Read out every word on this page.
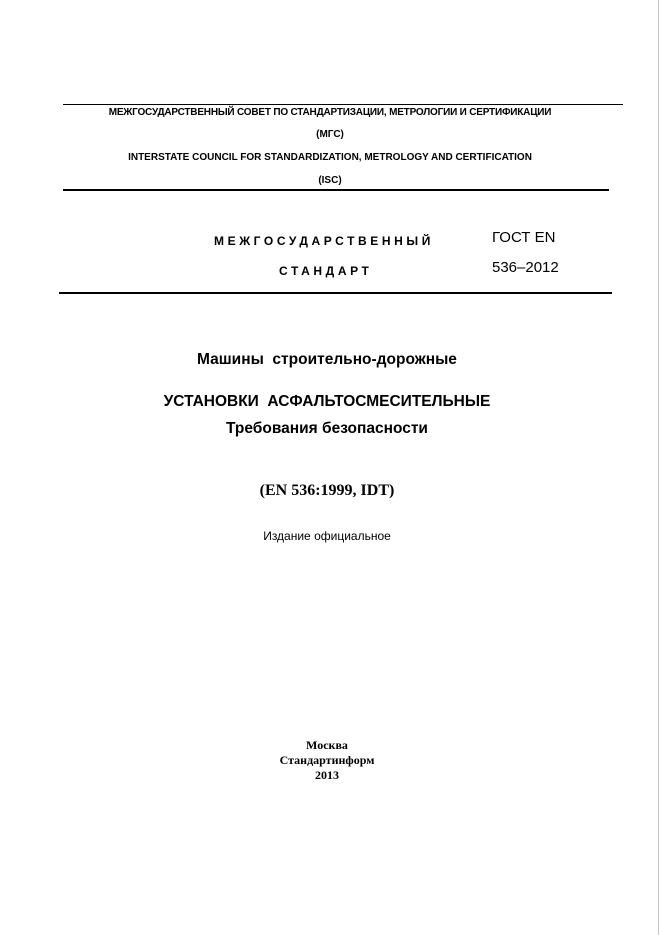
МЕЖГОСУДАРСТВЕННЫЙ СОВЕТ ПО СТАНДАРТИЗАЦИИ, МЕТРОЛОГИИ И СЕРТИФИКАЦИИ
(МГС)
INTERSTATE COUNCIL FOR STANDARDIZATION, METROLOGY AND CERTIFICATION
(ISC)
МЕЖГОСУДАРСТВЕННЫЙ
СТАНДАРТ
ГОСТ EN
536–2012
Машины  строительно-дорожные
УСТАНОВКИ  АСФАЛЬТОСМЕСИТЕЛЬНЫЕ
Требования безопасности
(EN 536:1999, IDT)
Издание официальное
Москва
Стандартинформ
2013
